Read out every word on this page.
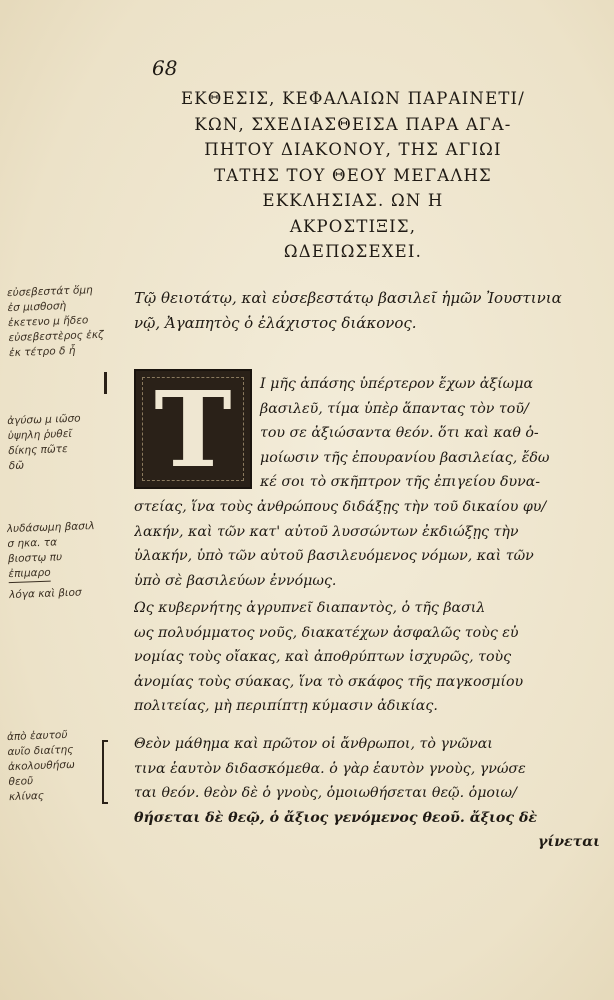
68
ΕΚΘΕΣΙΣ, ΚΕΦΑΛΑΙΩΝ ΠΑΡΑΙΝΕΤΙ/
ΚΩΝ, ΣΧΕΔΙΑΣΘΕΙΣΑ ΠΑΡΑ ΑΓΑ-
ΠΗΤΟΥ ΔΙΑΚΟΝΟΥ, ΤΗΣ ΑΓΙΩΙ
ΤΑΤΗΣ ΤΟΥ ΘΕΟΥ ΜΕΓΑΛΗΣ
ΕΚΚΛΗΣΙΑΣ. ΩΝ Η
ΑΚΡΟΣΤΙΞΙΣ,
ΩΔΕΠΩΣΕΧΕΙ.
Τῷ θειοτάτῳ, καὶ εὐσεβεστάτῳ βασιλεῖ ἡμῶν Ἰουστινια
νῷ, Ἀγαπητὸς ὁ ἐλάχιστος διάκονος.
T	Ι μῆς ἁπάσης ὑπέρτερον ἔχων ἀξίωμα
βασιλεῦ, τίμα ὑπὲρ ἅπαντας τὸν τοῦ/
του σε ἀξιώσαντα θεόν. ὅτι καὶ καθ ὁ-
μοίωσιν τῆς ἐπουρανίου βασιλείας, ἔδω
κέ σοι τὸ σκῆπτρον τῆς ἐπιγείου δυνα-
στείας, ἵνα τοὺς ἀνθρώπους διδάξῃς τὴν τοῦ δικαίου φυ/
λακήν, καὶ τῶν κατ' αὐτοῦ λυσσώντων ἐκδιώξῃς τὴν
ὑλακήν, ὑπὸ τῶν αὐτοῦ βασιλευόμενος νόμων, καὶ τῶν
ὑπὸ σὲ βασιλεύων ἐννόμως.
Ως κυβερνήτης ἀγρυπνεῖ διαπαντὸς, ὁ τῆς βασιλ
ως πολυόμματος νοῦς, διακατέχων ἀσφαλῶς τοὺς εὐ
νομίας τοὺς οἴακας, καὶ ἀποθρύπτων ἰσχυρῶς, τοὺς
ἀνομίας τοὺς σύακας, ἵνα τὸ σκάφος τῆς παγκοσμίου
πολιτείας, μὴ περιπίπτῃ κύμασιν ἀδικίας.
Θεὸν μάθημα καὶ πρῶτον οἱ ἄνθρωποι, τὸ γνῶναι
τινα ἑαυτὸν διδασκόμεθα. ὁ γὰρ ἑαυτὸν γνοὺς, γνώσε
ται θεόν. θεὸν δὲ ὁ γνοὺς, ὁμοιωθήσεται θεῷ. ὁμοιω/
θήσεται δὲ θεῷ, ὁ ἄξιος γενόμενος θεοῦ. ἄξιος δὲ
γίνεται
εὐσεβεστάτ ὅμη
ἐσ μισθοσὴ
ἐκετενο μ ἤδεο
εὐσεβεστὲρος ἐκζ
ἐκ τέτρο δ ἦ
ἀγύσω μ ιῶσο
ὑψηλη ῥυθεῖ
δίκης πῶτε
δῶ
λυδάσωμη βασιλ
σ ηκα. τα
βιοστῳ πυ
ἐπιμαρο
λόγα καὶ βιοσ
ἀπὸ ἑαυτοῦ
αυῖο διαίτης
ἀκολουθήσω
θεοῦ
κλίνας
